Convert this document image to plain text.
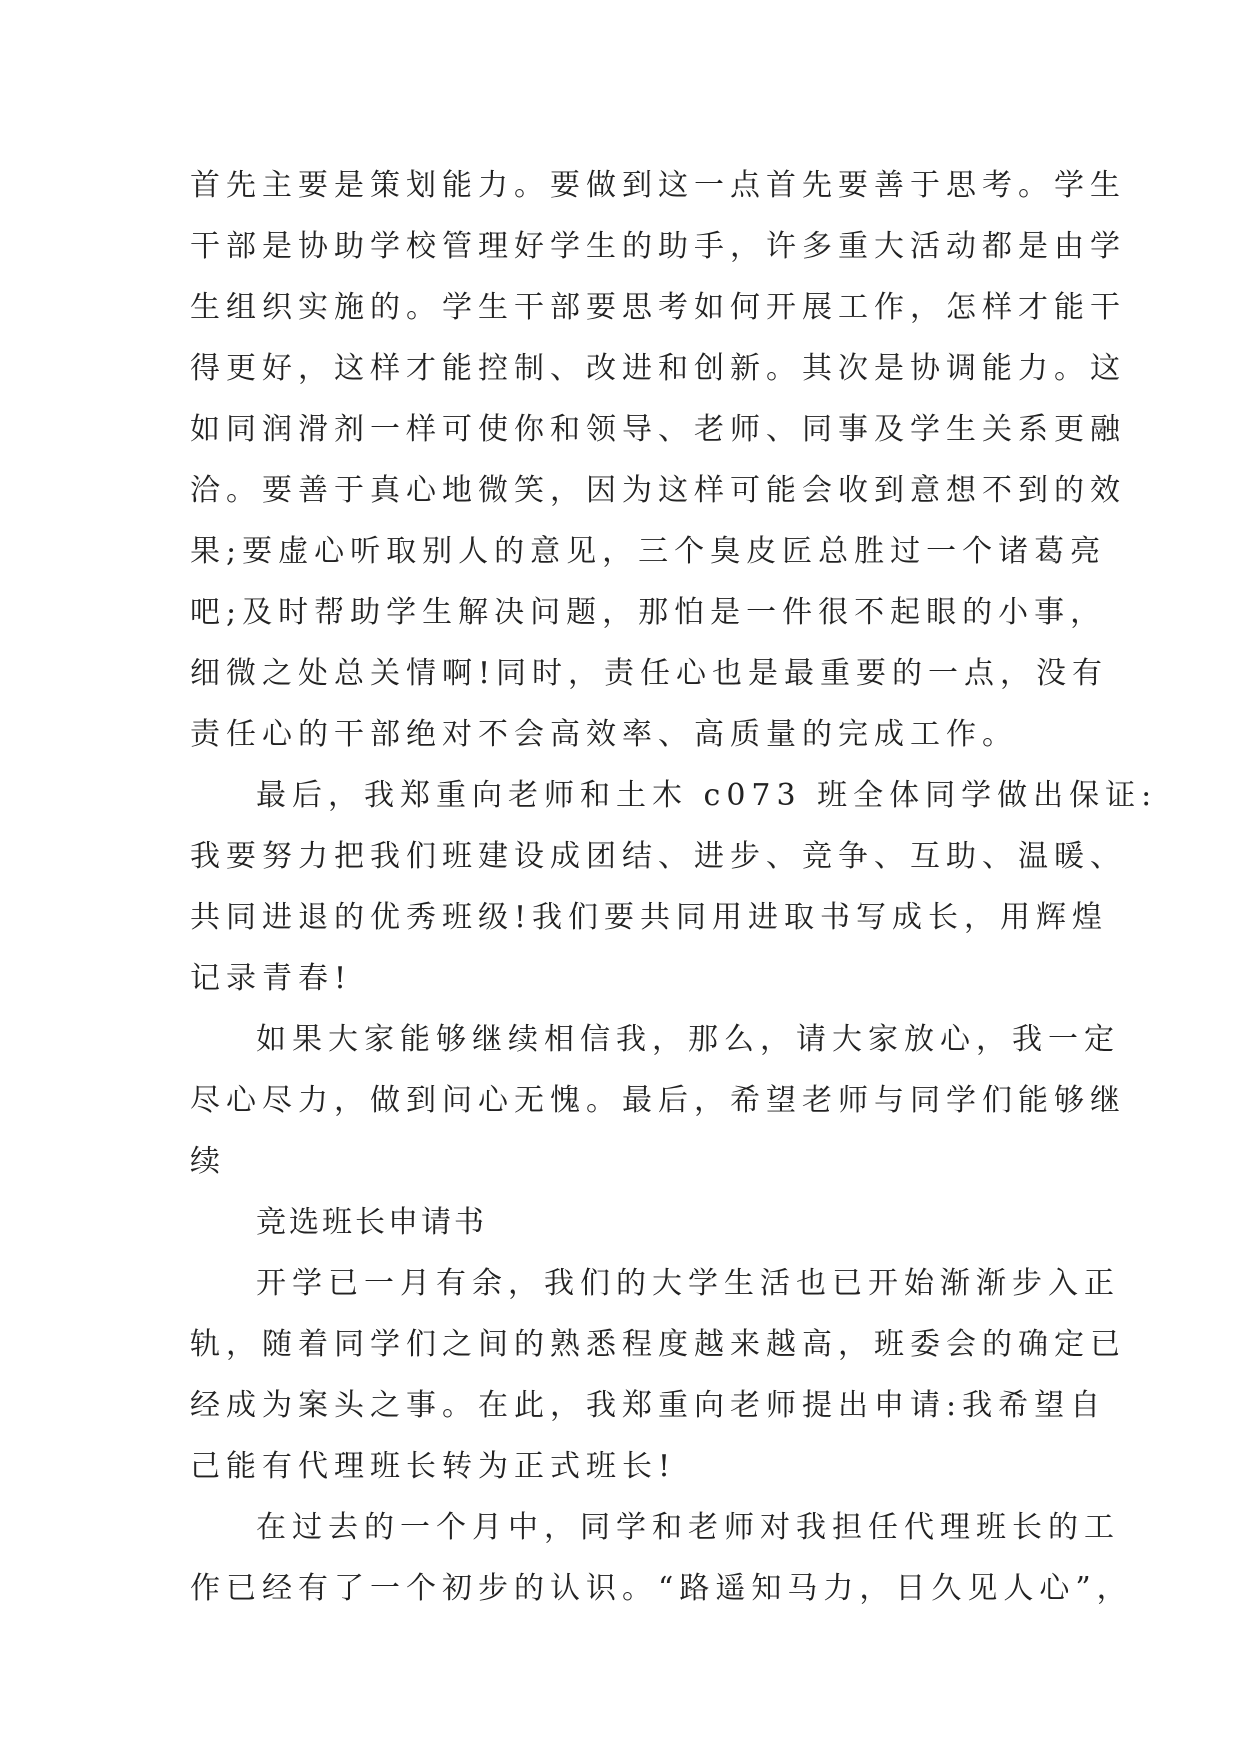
首先主要是策划能力。要做到这一点首先要善于思考。学生
干部是协助学校管理好学生的助手，许多重大活动都是由学
生组织实施的。学生干部要思考如何开展工作，怎样才能干
得更好，这样才能控制、改进和创新。其次是协调能力。这
如同润滑剂一样可使你和领导、老师、同事及学生关系更融
洽。要善于真心地微笑，因为这样可能会收到意想不到的效
果;要虚心听取别人的意见，三个臭皮匠总胜过一个诸葛亮
吧;及时帮助学生解决问题，那怕是一件很不起眼的小事，
细微之处总关情啊!同时，责任心也是最重要的一点，没有
责任心的干部绝对不会高效率、高质量的完成工作。
最后，我郑重向老师和土木 c073 班全体同学做出保证:
我要努力把我们班建设成团结、进步、竞争、互助、温暖、
共同进退的优秀班级!我们要共同用进取书写成长，用辉煌
记录青春!
如果大家能够继续相信我，那么，请大家放心，我一定
尽心尽力，做到问心无愧。最后，希望老师与同学们能够继
续
竞选班长申请书
开学已一月有余，我们的大学生活也已开始渐渐步入正
轨，随着同学们之间的熟悉程度越来越高，班委会的确定已
经成为案头之事。在此，我郑重向老师提出申请:我希望自
己能有代理班长转为正式班长!
在过去的一个月中，同学和老师对我担任代理班长的工
作已经有了一个初步的认识。“路遥知马力，日久见人心”，
